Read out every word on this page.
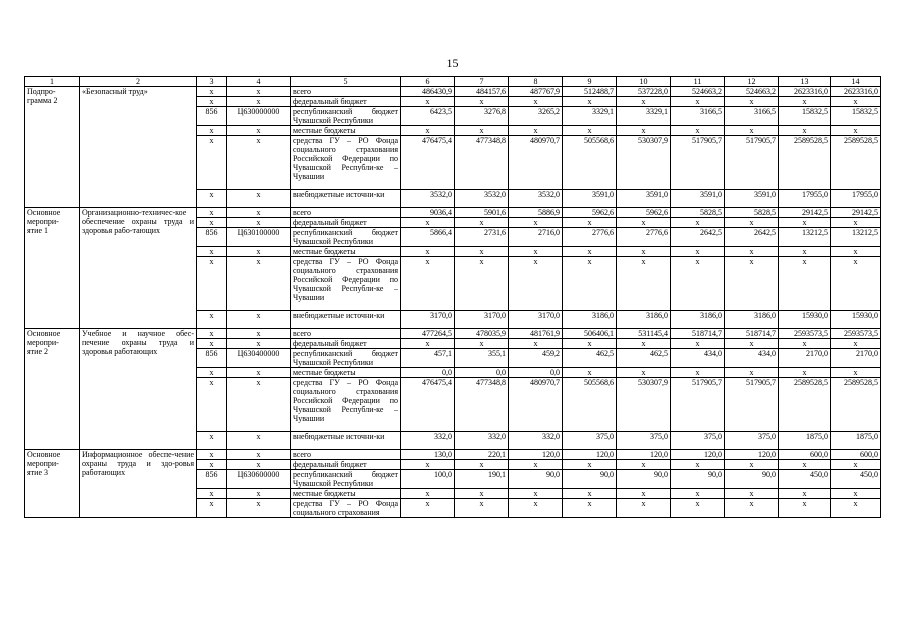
15
1	2	3	4	5	6	7	8	9	10	11	12	13	14
Подпро-
грамма 2	«Безопасный труд»	х	х	всего	486430,9	484157,6	487767,9	512488,7	537228,0	524663,2	524663,2	2623316,0	2623316,0
		х	х	федеральный бюджет	х	х	х	х	х	х	х	х	х
		856	Ц630000000	республиканский бюджет Чувашской Республики	6423,5	3276,8	3265,2	3329,1	3329,1	3166,5	3166,5	15832,5	15832,5
		х	х	местные бюджеты	х	х	х	х	х	х	х	х	х
		х	х	средства ГУ – РО Фонда социального страхования Российской Федерации по Чувашской Республи-ке – Чувашии	476475,4	477348,8	480970,7	505568,6	530307,9	517905,7	517905,7	2589528,5	2589528,5
		х	х	внебюджетные источни-ки	3532,0	3532,0	3532,0	3591,0	3591,0	3591,0	3591,0	17955,0	17955,0
Основное
меропри-
ятие 1	Организационно-техничес-кое обеспечение охраны труда и здоровья рабо-тающих	х	х	всего	9036,4	5901,6	5886,9	5962,6	5962,6	5828,5	5828,5	29142,5	29142,5
		х	х	федеральный бюджет	х	х	х	х	х	х	х	х	х
		856	Ц630100000	республиканский бюджет Чувашской Республики	5866,4	2731,6	2716,0	2776,6	2776,6	2642,5	2642,5	13212,5	13212,5
		х	х	местные бюджеты	х	х	х	х	х	х	х	х	х
		х	х	средства ГУ – РО Фонда социального страхования Российской Федерации по Чувашской Республи-ке – Чувашии	х	х	х	х	х	х	х	х	х
		х	х	внебюджетные источни-ки	3170,0	3170,0	3170,0	3186,0	3186,0	3186,0	3186,0	15930,0	15930,0
Основное
меропри-
ятие 2	Учебное и научное обес-печение охраны труда и здоровья работающих	х	х	всего	477264,5	478035,9	481761,9	506406,1	531145,4	518714,7	518714,7	2593573,5	2593573,5
		х	х	федеральный бюджет	х	х	х	х	х	х	х	х	х
		856	Ц630400000	республиканский бюджет Чувашской Республики	457,1	355,1	459,2	462,5	462,5	434,0	434,0	2170,0	2170,0
		х	х	местные бюджеты	0,0	0,0	0,0	х	х	х	х	х	х
		х	х	средства ГУ – РО Фонда социального страхования Российской Федерации по Чувашской Республи-ке – Чувашии	476475,4	477348,8	480970,7	505568,6	530307,9	517905,7	517905,7	2589528,5	2589528,5
		х	х	внебюджетные источни-ки	332,0	332,0	332,0	375,0	375,0	375,0	375,0	1875,0	1875,0
Основное
меропри-
ятие 3	Информационное обеспе-чение охраны труда и здо-ровья работающих	х	х	всего	130,0	220,1	120,0	120,0	120,0	120,0	120,0	600,0	600,0
		х	х	федеральный бюджет	х	х	х	х	х	х	х	х	х
		856	Ц630600000	республиканский бюджет Чувашской Республики	100,0	190,1	90,0	90,0	90,0	90,0	90,0	450,0	450,0
		х	х	местные бюджеты	х	х	х	х	х	х	х	х	х
		х	х	средства ГУ – РО Фонда социального страхования	х	х	х	х	х	х	х	х	х
